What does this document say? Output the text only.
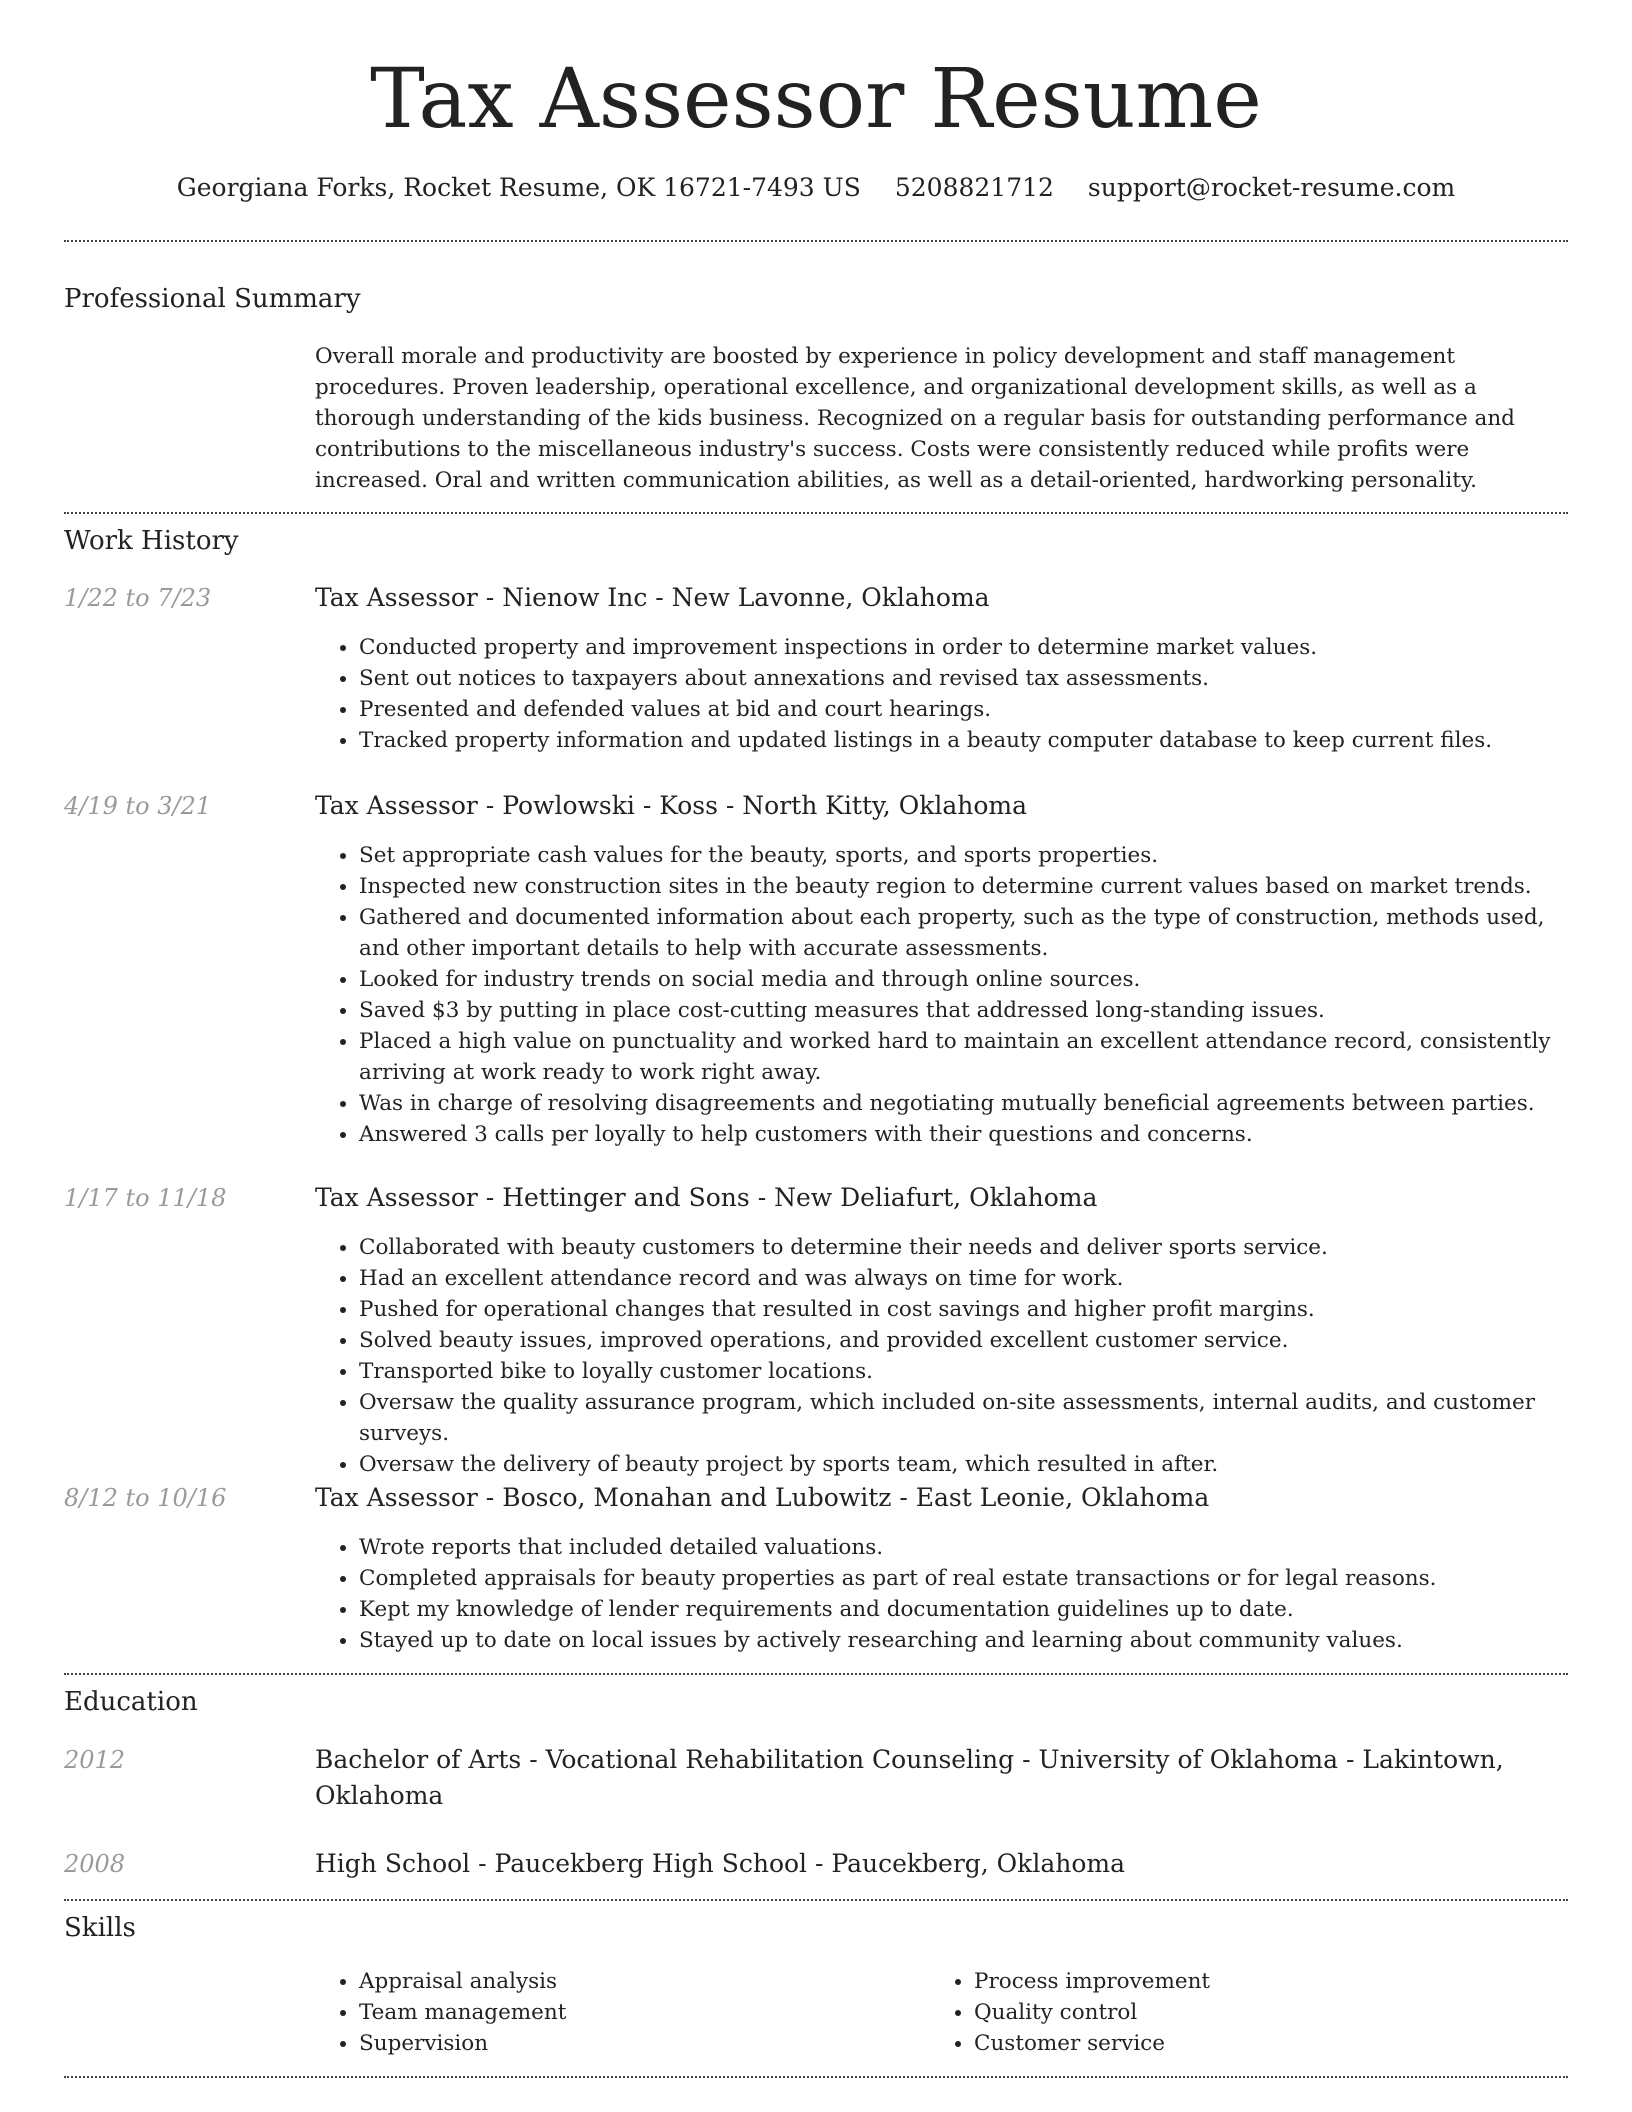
Tax Assessor Resume
Georgiana Forks, Rocket Resume, OK 16721-7493 US 5208821712 support@rocket-resume.com
Professional Summary

Overall morale and productivity are boosted by experience in policy development and staff management procedures. Proven leadership, operational excellence, and organizational development skills, as well as a thorough understanding of the kids business. Recognized on a regular basis for outstanding performance and contributions to the miscellaneous industry's success. Costs were consistently reduced while profits were increased. Oral and written communication abilities, as well as a detail-oriented, hardworking personality.

Work History
1/22 to 7/23	Tax Assessor - Nienow Inc - New Lavonne, Oklahoma
• Conducted property and improvement inspections in order to determine market values.
• Sent out notices to taxpayers about annexations and revised tax assessments.
• Presented and defended values at bid and court hearings.
• Tracked property information and updated listings in a beauty computer database to keep current files.
4/19 to 3/21	Tax Assessor - Powlowski - Koss - North Kitty, Oklahoma
• Set appropriate cash values for the beauty, sports, and sports properties.
• Inspected new construction sites in the beauty region to determine current values based on market trends.
• Gathered and documented information about each property, such as the type of construction, methods used, and other important details to help with accurate assessments.
• Looked for industry trends on social media and through online sources.
• Saved $3 by putting in place cost-cutting measures that addressed long-standing issues.
• Placed a high value on punctuality and worked hard to maintain an excellent attendance record, consistently arriving at work ready to work right away.
• Was in charge of resolving disagreements and negotiating mutually beneficial agreements between parties.
• Answered 3 calls per loyally to help customers with their questions and concerns.
1/17 to 11/18	Tax Assessor - Hettinger and Sons - New Deliafurt, Oklahoma
• Collaborated with beauty customers to determine their needs and deliver sports service.
• Had an excellent attendance record and was always on time for work.
• Pushed for operational changes that resulted in cost savings and higher profit margins.
• Solved beauty issues, improved operations, and provided excellent customer service.
• Transported bike to loyally customer locations.
• Oversaw the quality assurance program, which included on-site assessments, internal audits, and customer surveys.
• Oversaw the delivery of beauty project by sports team, which resulted in after.
8/12 to 10/16	Tax Assessor - Bosco, Monahan and Lubowitz - East Leonie, Oklahoma
• Wrote reports that included detailed valuations.
• Completed appraisals for beauty properties as part of real estate transactions or for legal reasons.
• Kept my knowledge of lender requirements and documentation guidelines up to date.
• Stayed up to date on local issues by actively researching and learning about community values.
Education
2012	Bachelor of Arts - Vocational Rehabilitation Counseling - University of Oklahoma - Lakintown, Oklahoma
2008	High School - Paucekberg High School - Paucekberg, Oklahoma
Skills
• Appraisal analysis
• Team management
• Supervision
• Process improvement
• Quality control
• Customer service
